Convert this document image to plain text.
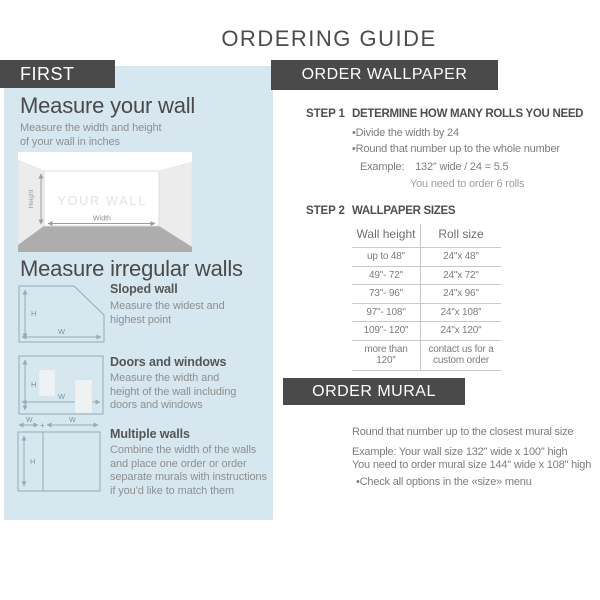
ORDERING GUIDE
FIRST
Measure your wall
Measure the width and height
of your wall in inches
YOUR WALL
Height
Width
Measure irregular walls
H
W
Sloped wall
Measure the widest and
highest point
H
W
Doors and windows
Measure the width and
height of the wall including
doors and windows
W
+
W
H
Multiple walls
Combine the width of the walls
and place one order or order
separate murals with instructions
if you'd like to match them
ORDER WALLPAPER
STEP 1 DETERMINE HOW MANY ROLLS YOU NEED
• Divide the width by 24
• Round that number up to the whole number
Example: 132'' wide / 24 = 5.5
You need to order 6 rolls
STEP 2 WALLPAPER SIZES
Wall height	Roll size
up to 48''	24''x 48''
49''- 72''	24''x 72''
73''- 96''	24''x 96''
97''- 108''	24''x 108''
109''- 120''	24''x 120''
more than 120''	contact us for a custom order
ORDER MURAL
Round that number up to the closest mural size
Example: Your wall size 132'' wide x 100'' high
You need to order mural size 144'' wide x 108'' high
• Check all options in the «size» menu
